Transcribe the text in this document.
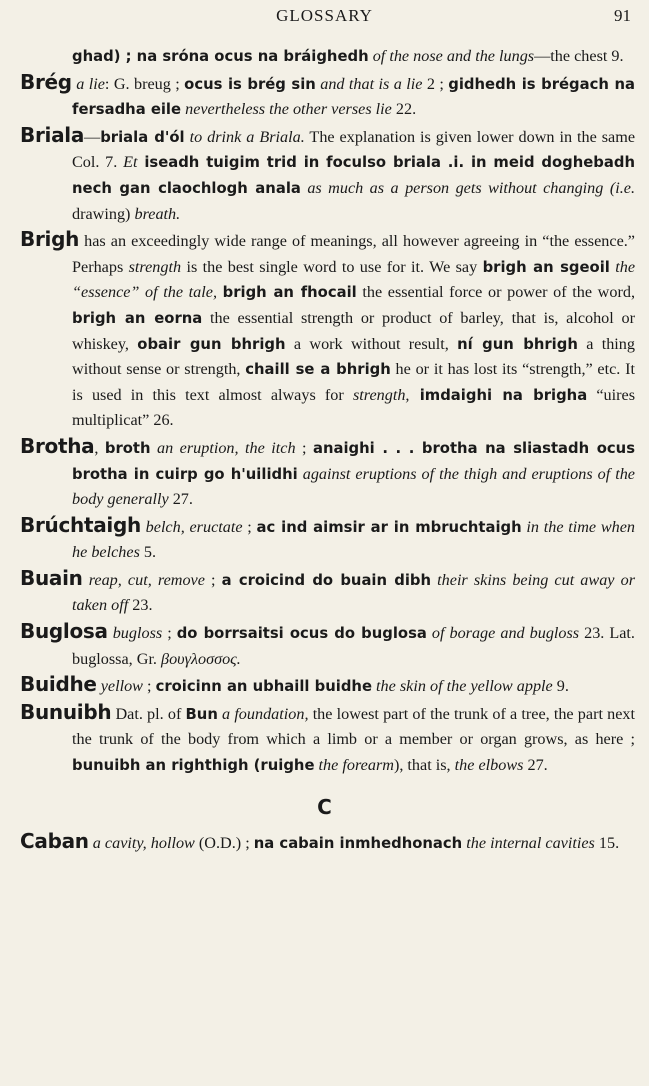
GLOSSARY	91

ghad) ; na srόna ocus na bráighedh of the nose and the lungs—the chest 9.

Brég a lie: G. breug ; ocus is brég sin and that is a lie 2 ; gidhedh is brégach na fersadha eile nevertheless the other verses lie 22.

Briala—briala d'ól to drink a Briala. The explanation is given lower down in the same Col. 7. Et iseadh tuigim trid in foculso briala .i. in meid doghebadh nech gan claochlogh anala as much as a person gets without changing (i.e. drawing) breath.

Brigh has an exceedingly wide range of meanings, all however agreeing in “the essence.” Perhaps strength is the best single word to use for it. We say brigh an sgeoil the “essence” of the tale, brigh an fhocail the essential force or power of the word, brigh an eorna the essential strength or product of barley, that is, alcohol or whiskey, obair gun bhrigh a work without result, ní gun bhrigh a thing without sense or strength, chaill se a bhrigh he or it has lost its “strength,” etc. It is used in this text almost always for strength, imdaighi na brigha “uires multiplicat” 26.

Brotha, broth an eruption, the itch ; anaighi . . . brotha na sliastadh ocus brotha in cuirp go h'uilidhi against eruptions of the thigh and eruptions of the body generally 27.

Brúchtaigh belch, eructate ; ac ind aimsir ar in mbruchtaigh in the time when he belches 5.

Buain reap, cut, remove ; a croicind do buain dibh their skins being cut away or taken off 23.

Buglosa bugloss ; do borrsaitsi ocus do buglosa of borage and bugloss 23. Lat. buglossa, Gr. βουγλοσσος.

Buidhe yellow ; croicinn an ubhaill buidhe the skin of the yellow apple 9.

Bunuibh Dat. pl. of Bun a foundation, the lowest part of the trunk of a tree, the part next the trunk of the body from which a limb or a member or organ grows, as here ; bunuibh an righthigh (ruighe the forearm), that is, the elbows 27.

C

Caban a cavity, hollow (O.D.) ; na cabain inmhedhonach the internal cavities 15.
